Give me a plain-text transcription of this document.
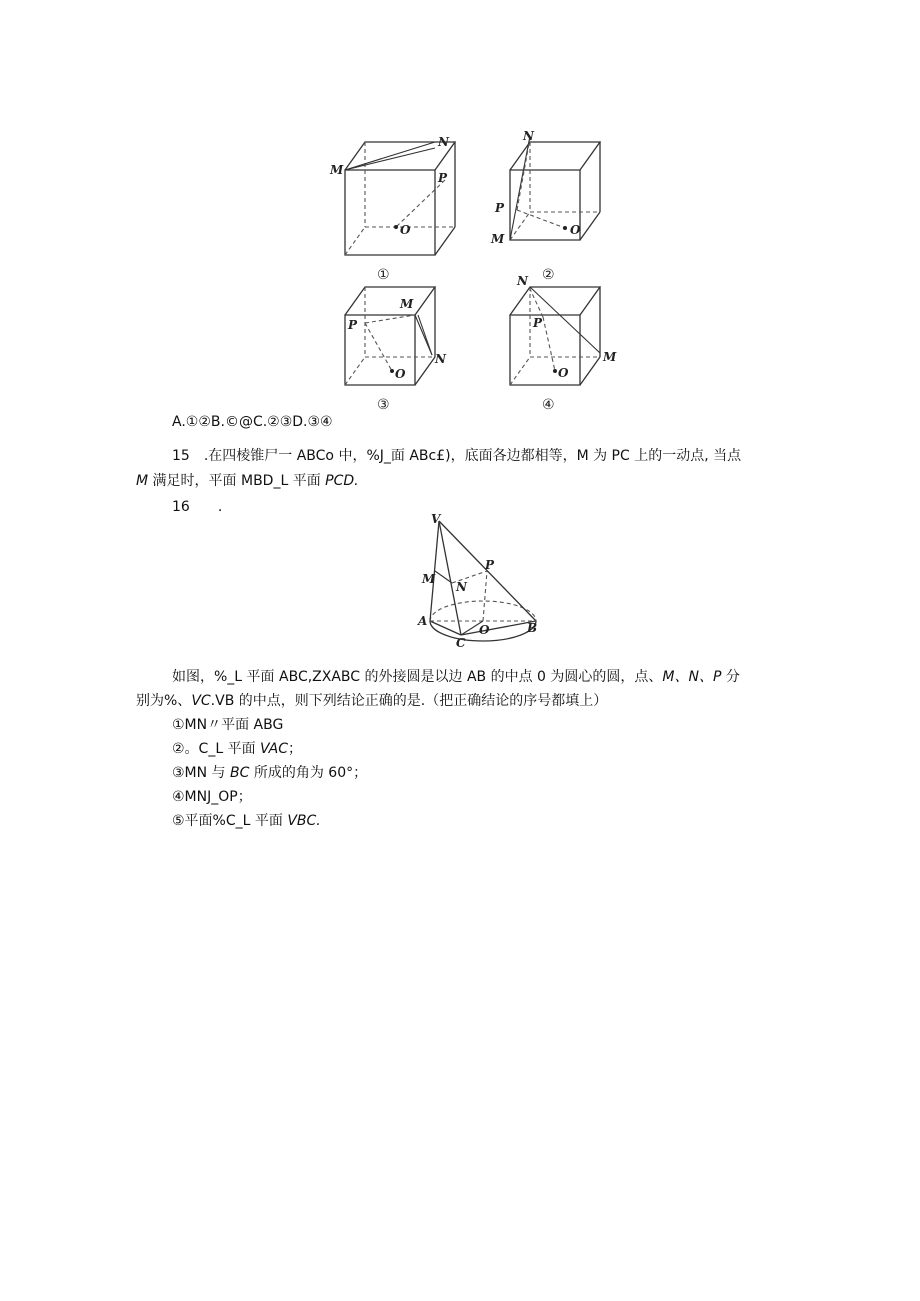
M
N
P
O
①
N
P
M
O
②
M
P
N
O
③
N
P
M
O
④
A.①②B.©@C.②③D.③④
15　.在四棱锥尸一 ABCo 中，%J_面 ABc£)，底面各边都相等，M 为 PC 上的一动点, 当点
M 满足时，平面 MBD_L 平面 PCD.
16　　.
V
M
N
P
A
O	B
C
如图，%_L 平面 ABC,ZXABC 的外接圆是以边 AB 的中点 0 为圆心的圆，点、M、N、P 分
别为%、VC.VB 的中点，则下列结论正确的是.（把正确结论的序号都填上）
①MN〃平面 ABG
②。C_L 平面 VAC；
③MN 与 BC 所成的角为 60°；
④MNJ_OP；
⑤平面%C_L 平面 VBC.
